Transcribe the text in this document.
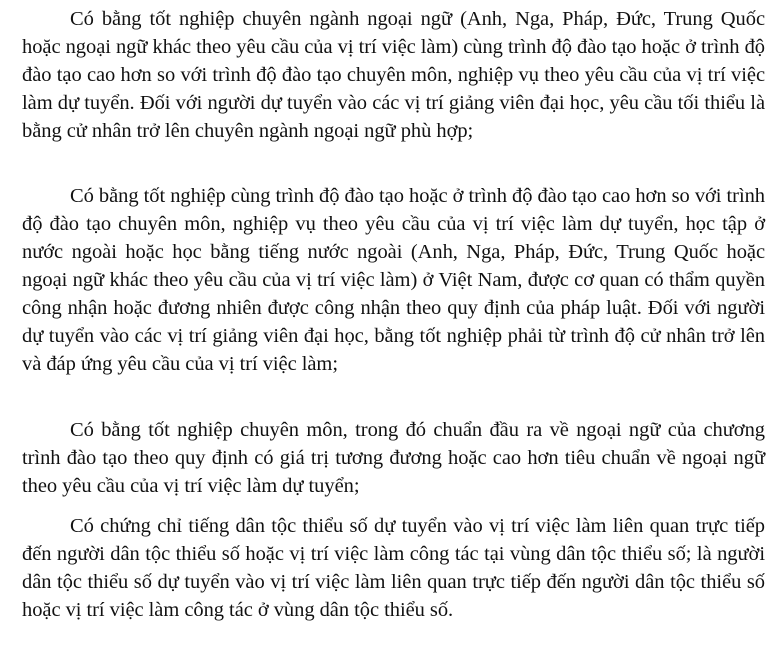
Có bằng tốt nghiệp chuyên ngành ngoại ngữ (Anh, Nga, Pháp, Đức, Trung Quốc hoặc ngoại ngữ khác theo yêu cầu của vị trí việc làm) cùng trình độ đào tạo hoặc ở trình độ đào tạo cao hơn so với trình độ đào tạo chuyên môn, nghiệp vụ theo yêu cầu của vị trí việc làm dự tuyển. Đối với người dự tuyển vào các vị trí giảng viên đại học, yêu cầu tối thiểu là bằng cử nhân trở lên chuyên ngành ngoại ngữ phù hợp;

Có bằng tốt nghiệp cùng trình độ đào tạo hoặc ở trình độ đào tạo cao hơn so với trình độ đào tạo chuyên môn, nghiệp vụ theo yêu cầu của vị trí việc làm dự tuyển, học tập ở nước ngoài hoặc học bằng tiếng nước ngoài (Anh, Nga, Pháp, Đức, Trung Quốc hoặc ngoại ngữ khác theo yêu cầu của vị trí việc làm) ở Việt Nam, được cơ quan có thẩm quyền công nhận hoặc đương nhiên được công nhận theo quy định của pháp luật. Đối với người dự tuyển vào các vị trí giảng viên đại học, bằng tốt nghiệp phải từ trình độ cử nhân trở lên và đáp ứng yêu cầu của vị trí việc làm;

Có bằng tốt nghiệp chuyên môn, trong đó chuẩn đầu ra về ngoại ngữ của chương trình đào tạo theo quy định có giá trị tương đương hoặc cao hơn tiêu chuẩn về ngoại ngữ theo yêu cầu của vị trí việc làm dự tuyển;

Có chứng chỉ tiếng dân tộc thiểu số dự tuyển vào vị trí việc làm liên quan trực tiếp đến người dân tộc thiểu số hoặc vị trí việc làm công tác tại vùng dân tộc thiểu số; là người dân tộc thiểu số dự tuyển vào vị trí việc làm liên quan trực tiếp đến người dân tộc thiểu số hoặc vị trí việc làm công tác ở vùng dân tộc thiểu số.
